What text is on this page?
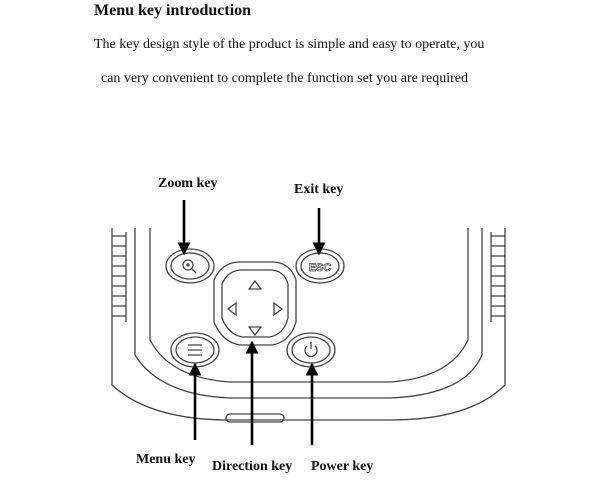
Menu key introduction
The key design style of the product is simple and easy to operate, you
can very convenient to complete the function set you are required
ESC
Zoom key	Exit key
Menu key Direction key Power key
